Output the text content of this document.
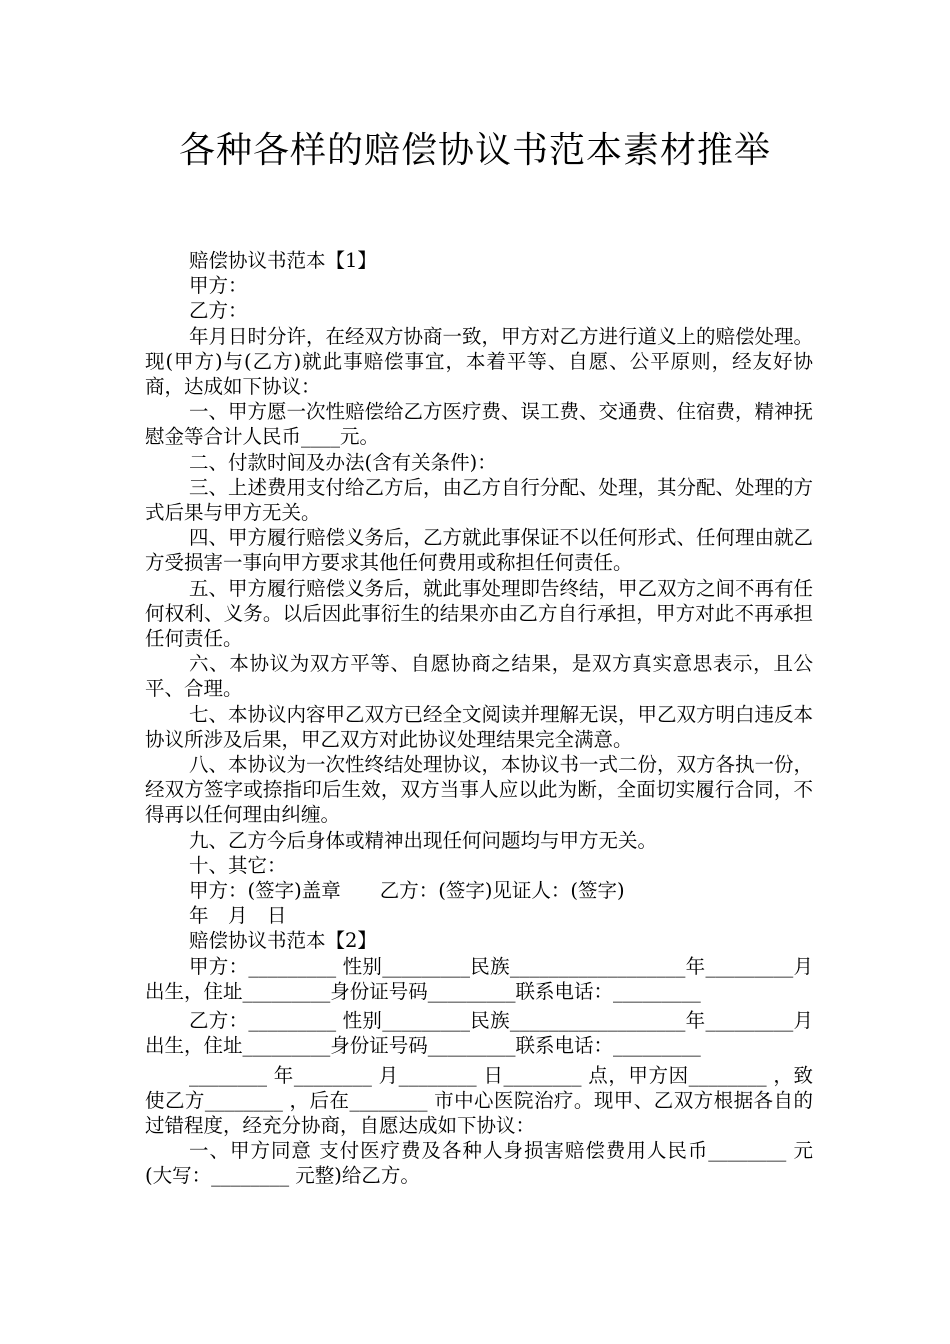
各种各样的赔偿协议书范本素材推举

赔偿协议书范本【1】

甲方：

乙方：

年月日时分许，在经双方协商一致，甲方对乙方进行道义上的赔偿处理。现(甲方)与(乙方)就此事赔偿事宜，本着平等、自愿、公平原则，经友好协商，达成如下协议：

一、甲方愿一次性赔偿给乙方医疗费、误工费、交通费、住宿费，精神抚慰金等合计人民币____元。

二、付款时间及办法(含有关条件)：

三、上述费用支付给乙方后，由乙方自行分配、处理，其分配、处理的方式后果与甲方无关。

四、甲方履行赔偿义务后，乙方就此事保证不以任何形式、任何理由就乙方受损害一事向甲方要求其他任何费用或称担任何责任。

五、甲方履行赔偿义务后，就此事处理即告终结，甲乙双方之间不再有任何权利、义务。以后因此事衍生的结果亦由乙方自行承担，甲方对此不再承担任何责任。

六、本协议为双方平等、自愿协商之结果，是双方真实意思表示，且公平、合理。

七、本协议内容甲乙双方已经全文阅读并理解无误，甲乙双方明白违反本协议所涉及后果，甲乙双方对此协议处理结果完全满意。

八、本协议为一次性终结处理协议，本协议书一式二份，双方各执一份，经双方签字或捺指印后生效，双方当事人应以此为断，全面切实履行合同，不得再以任何理由纠缠。

九、乙方今后身体或精神出现任何问题均与甲方无关。

十、其它：

甲方：(签字)盖章　　乙方：(签字)见证人：(签字)

年　月　日

赔偿协议书范本【2】

甲方：_________ 性别_________民族__________________年_________月出生，住址_________身份证号码_________联系电话：_________

乙方：_________ 性别_________民族__________________年_________月出生，住址_________身份证号码_________联系电话：_________

________ 年________ 月________ 日________ 点，甲方因________ ，致使乙方________ ，后在________ 市中心医院治疗。现甲、乙双方根据各自的过错程度，经充分协商，自愿达成如下协议：

一、甲方同意 支付医疗费及各种人身损害赔偿费用人民币________ 元(大写：________ 元整)给乙方。
